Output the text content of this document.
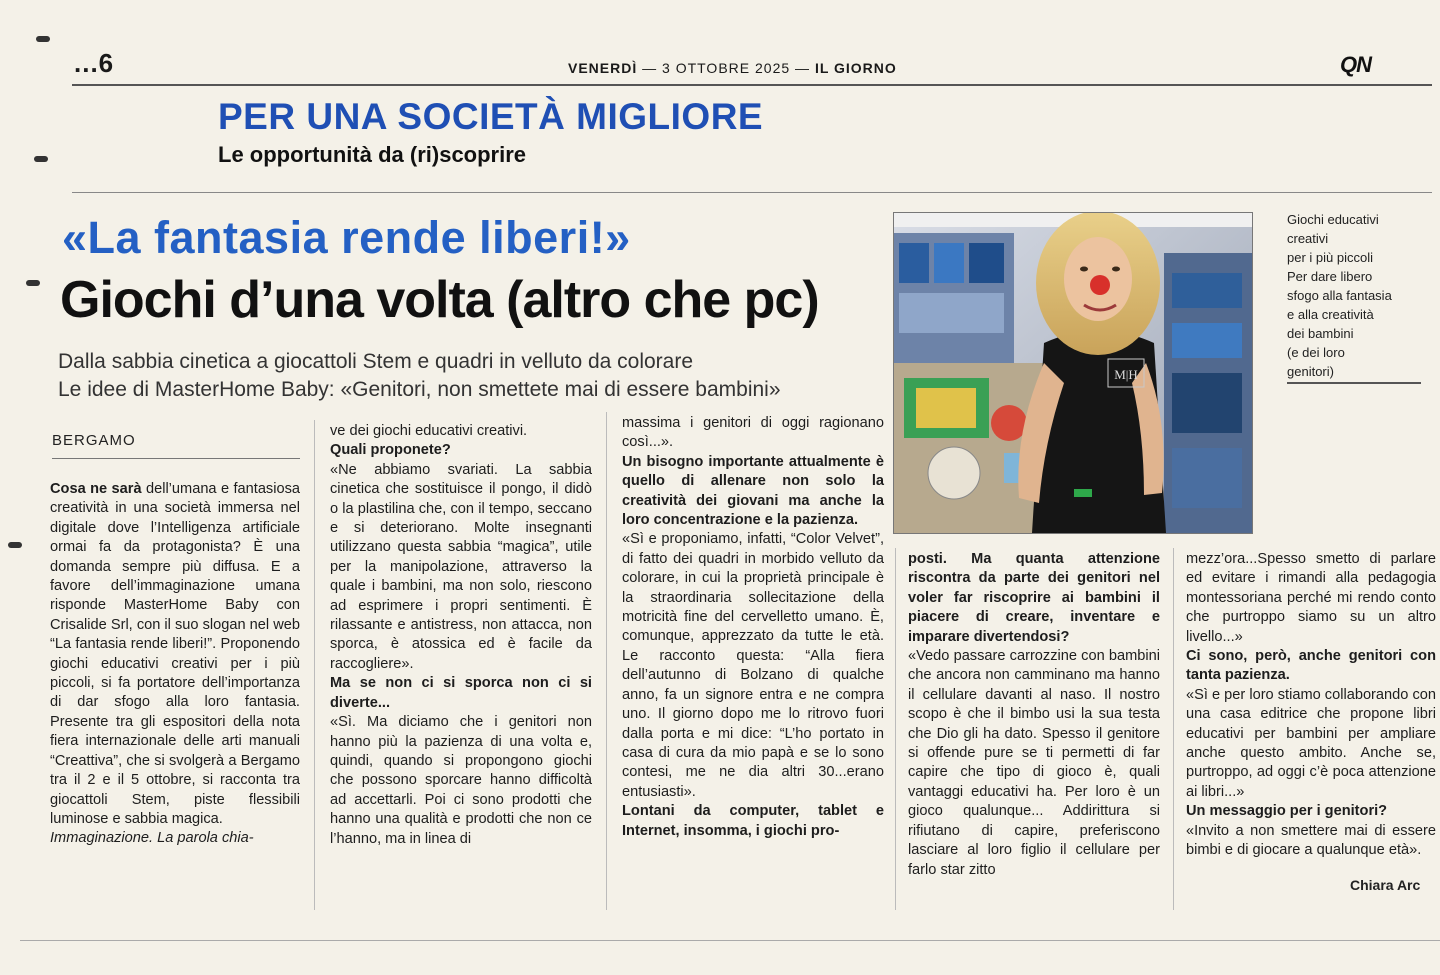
...6	VENERDÌ — 3 OTTOBRE 2025 — IL GIORNO	QN
PER UNA SOCIETÀ MIGLIORE
Le opportunità da (ri)scoprire
«La fantasia rende liberi!»
Giochi d’una volta (altro che pc)
Dalla sabbia cinetica a giocattoli Stem e quadri in velluto da colorare
Le idee di MasterHome Baby: «Genitori, non smettete mai di essere bambini»
BERGAMO

Cosa ne sarà dell’umana e fantasiosa creatività in una società immersa nel digitale dove l’Intelligenza artificiale ormai fa da protagonista? È una domanda sempre più diffusa. E a favore dell’immaginazione umana risponde MasterHome Baby con Crisalide Srl, con il suo slogan nel web “La fantasia rende liberi!”. Proponendo giochi educativi creativi per i più piccoli, si fa portatore dell’importanza di dar sfogo alla loro fantasia. Presente tra gli espositori della nota fiera internazionale delle arti manuali “Creattiva”, che si svolgerà a Bergamo tra il 2 e il 5 ottobre, si racconta tra giocattoli Stem, piste flessibili luminose e sabbia magica.

Immaginazione. La parola chia-

ve dei giochi educativi creativi.

Quali proponete?

«Ne abbiamo svariati. La sabbia cinetica che sostituisce il pongo, il didò o la plastilina che, con il tempo, seccano e si deteriorano. Molte insegnanti utilizzano questa sabbia “magica”, utile per la manipolazione, attraverso la quale i bambini, ma non solo, riescono ad esprimere i propri sentimenti. È rilassante e antistress, non attacca, non sporca, è atossica ed è facile da raccogliere».

Ma se non ci si sporca non ci si diverte...

«Sì. Ma diciamo che i genitori non hanno più la pazienza di una volta e, quindi, quando si propongono giochi che possono sporcare hanno difficoltà ad accettarli. Poi ci sono prodotti che hanno una qualità e prodotti che non ce l’hanno, ma in linea di

massima i genitori di oggi ragionano così...».

Un bisogno importante attualmente è quello di allenare non solo la creatività dei giovani ma anche la loro concentrazione e la pazienza.

«Sì e proponiamo, infatti, “Color Velvet”, di fatto dei quadri in morbido velluto da colorare, in cui la proprietà principale è la straordinaria sollecitazione della motricità fine del cervelletto umano. È, comunque, apprezzato da tutte le età. Le racconto questa: “Alla fiera dell’autunno di Bolzano di qualche anno, fa un signore entra e ne compra uno. Il giorno dopo me lo ritrovo fuori dalla porta e mi dice: “L’ho portato in casa di cura da mio papà e se lo sono contesi, me ne dia altri 30...erano entusiasti».

Lontani da computer, tablet e Internet, insomma, i giochi pro-

posti. Ma quanta attenzione riscontra da parte dei genitori nel voler far riscoprire ai bambini il piacere di creare, inventare e imparare divertendosi?

«Vedo passare carrozzine con bambini che ancora non camminano ma hanno il cellulare davanti al naso. Il nostro scopo è che il bimbo usi la sua testa che Dio gli ha dato. Spesso il genitore si offende pure se ti permetti di far capire che tipo di gioco è, quali vantaggi educativi ha. Per loro è un gioco qualunque... Addirittura si rifiutano di capire, preferiscono lasciare al loro figlio il cellulare per farlo star zitto

mezz’ora...Spesso smetto di parlare ed evitare i rimandi alla pedagogia montessoriana perché mi rendo conto che purtroppo siamo su un altro livello...»

Ci sono, però, anche genitori con tanta pazienza.

«Sì e per loro stiamo collaborando con una casa editrice che propone libri educativi per bambini per ampliare anche questo ambito. Anche se, purtroppo, ad oggi c’è poca attenzione ai libri...»

Un messaggio per i genitori?

«Invito a non smettere mai di essere bimbi e di giocare a qualunque età».

Chiara Arc
M|H
Giochi educativi
creativi
per i più piccoli
Per dare libero
sfogo alla fantasia
e alla creatività
dei bambini
(e dei loro
genitori)
